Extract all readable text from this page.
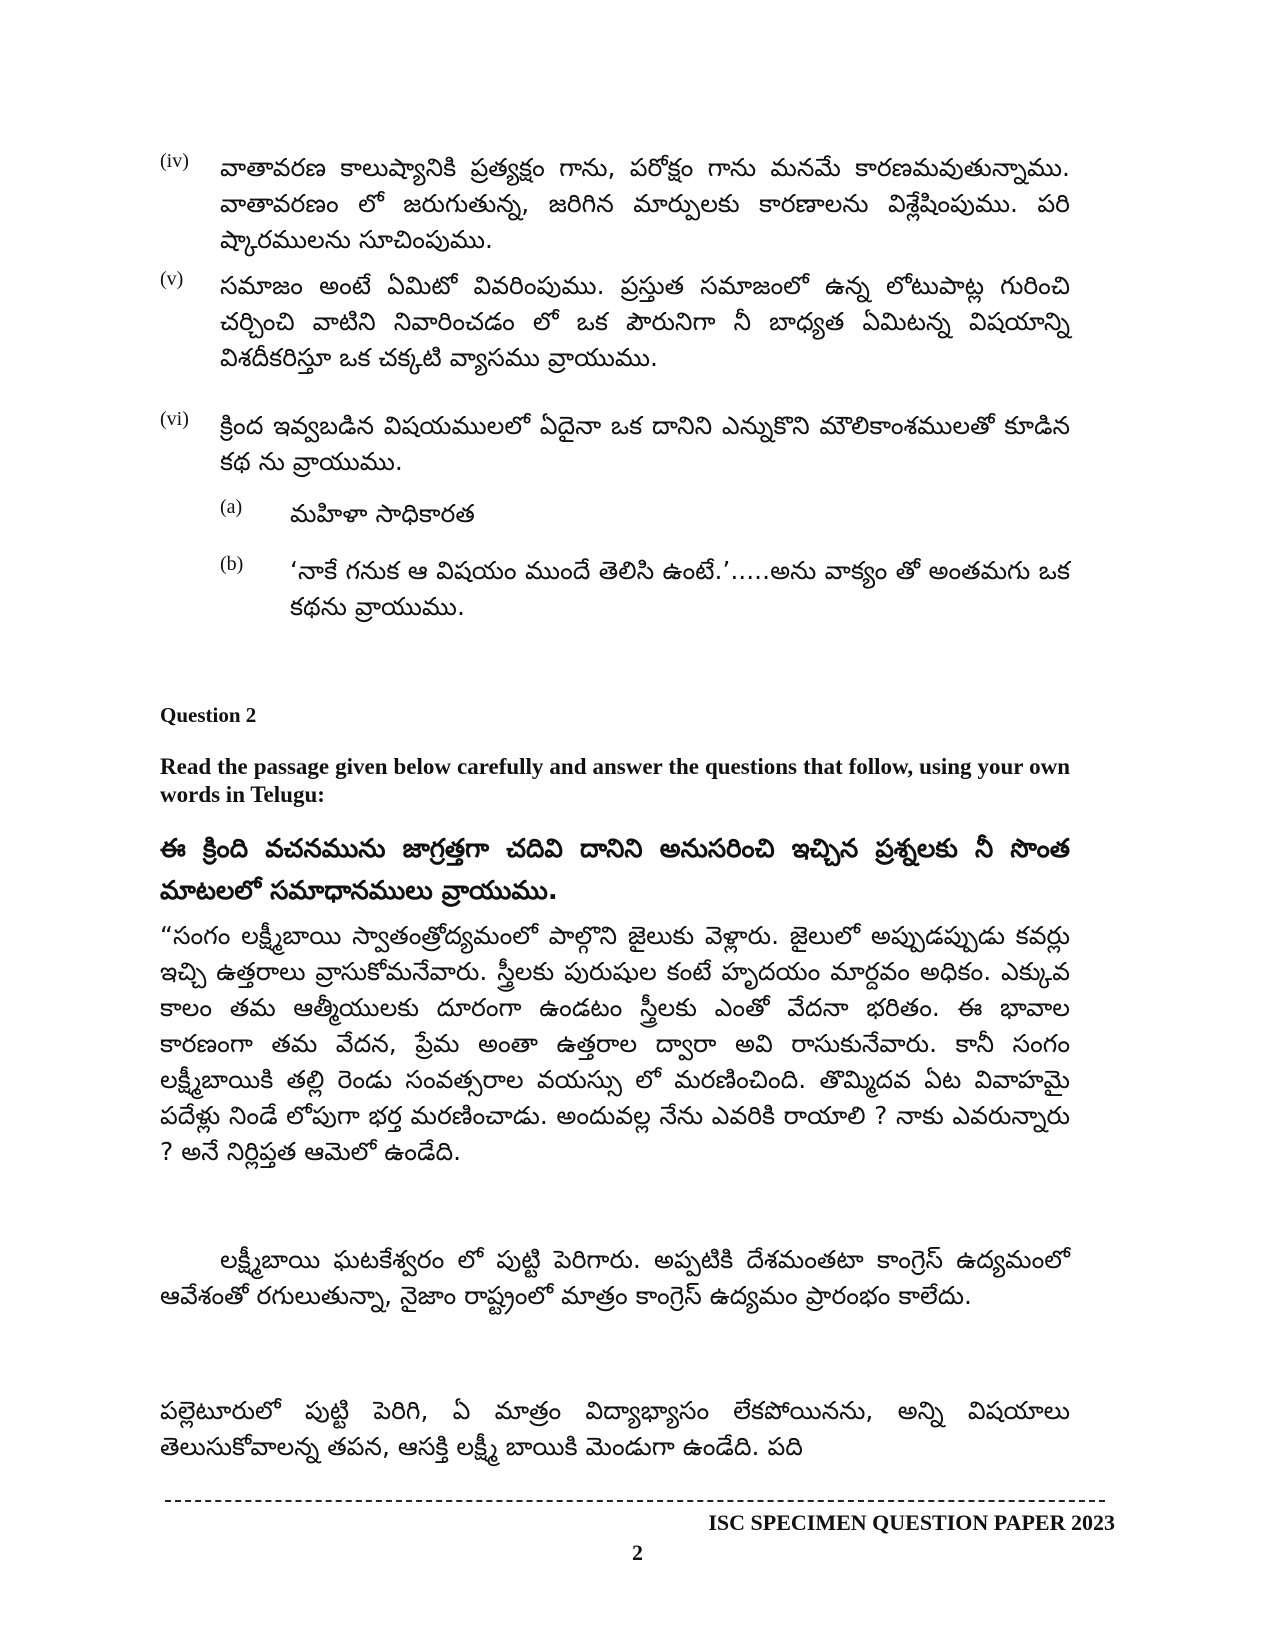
(iv) వాతావరణ కాలుష్యానికి ప్రత్యక్షం గాను, పరోక్షం గాను మనమే కారణమవుతున్నాము. వాతావరణం లో జరుగుతున్న, జరిగిన మార్పులకు కారణాలను విశ్లేషింపుము. పరి ష్కారములను సూచింపుము.
(v) సమాజం అంటే ఏమిటో వివరింపుము. ప్రస్తుత సమాజంలో ఉన్న లోటుపాట్ల గురించి చర్చించి వాటిని నివారించడం లో ఒక పౌరునిగా నీ బాధ్యత ఏమిటన్న విషయాన్ని విశదీకరిస్తూ ఒక చక్కటి వ్యాసము వ్రాయుము.
(vi) క్రింద ఇవ్వబడిన విషయములలో ఏదైనా ఒక దానిని ఎన్నుకొని మౌలికాంశములతో కూడిన కథ ను వ్రాయుము.
(a) మహిళా సాధికారత
(b) ‘నాకే గనుక ఆ విషయం ముందే తెలిసి ఉంటే.’.....అను వాక్యం తో అంతమగు ఒక కథను వ్రాయుము.
Question 2
Read the passage given below carefully and answer the questions that follow, using your own words in Telugu:
ఈ క్రింది వచనమును జాగ్రత్తగా చదివి దానిని అనుసరించి ఇచ్చిన ప్రశ్నలకు నీ సొంత మాటలలో సమాధానములు వ్రాయుము.
“సంగం లక్ష్మీబాయి స్వాతంత్రోద్యమంలో పాల్గొని జైలుకు వెళ్లారు. జైలులో అప్పుడప్పుడు కవర్లు ఇచ్చి ఉత్తరాలు వ్రాసుకోమనేవారు. స్త్రీలకు పురుషుల కంటే హృదయం మార్దవం అధికం. ఎక్కువ కాలం తమ ఆత్మీయులకు దూరంగా ఉండటం స్త్రీలకు ఎంతో వేదనా భరితం. ఈ భావాల కారణంగా తమ వేదన, ప్రేమ అంతా ఉత్తరాల ద్వారా అవి రాసుకునేవారు. కానీ సంగం లక్ష్మీబాయికి తల్లి రెండు సంవత్సరాల వయస్సు లో మరణించింది. తొమ్మిదవ ఏట వివాహమై పదేళ్లు నిండే లోపుగా భర్త మరణించాడు. అందువల్ల నేను ఎవరికి రాయాలి ? నాకు ఎవరున్నారు ? అనే నిర్లిప్తత ఆమెలో ఉండేది.
లక్ష్మీబాయి ఘటకేశ్వరం లో పుట్టి పెరిగారు. అప్పటికి దేశమంతటా కాంగ్రెస్ ఉద్యమంలో ఆవేశంతో రగులుతున్నా, నైజాం రాష్ట్రంలో మాత్రం కాంగ్రెస్ ఉద్యమం ప్రారంభం కాలేదు.
పల్లెటూరులో పుట్టి పెరిగి, ఏ మాత్రం విద్యాభ్యాసం లేకపోయినను, అన్ని విషయాలు తెలుసుకోవాలన్న తపన, ఆసక్తి లక్ష్మీ బాయికి మెండుగా ఉండేది. పది
ISC SPECIMEN QUESTION PAPER 2023
2
